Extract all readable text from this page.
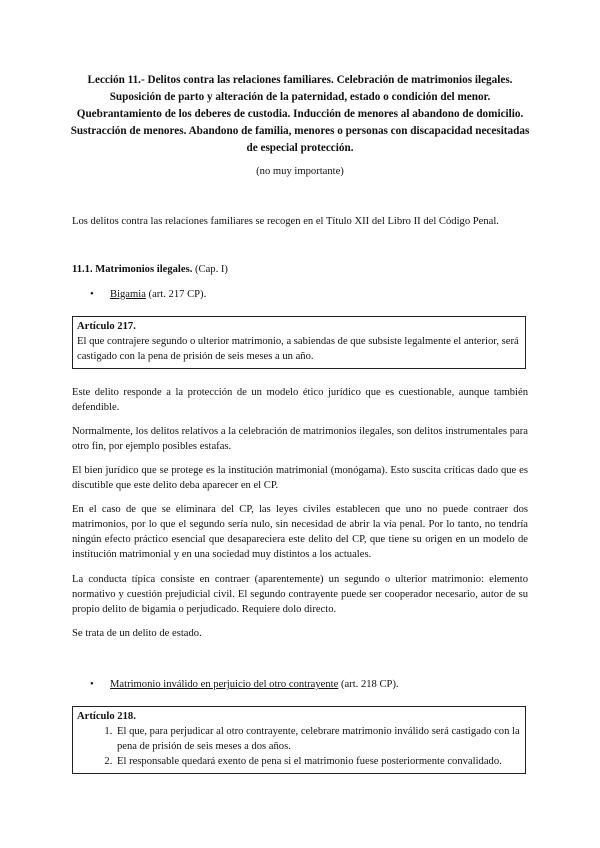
Lección 11.- Delitos contra las relaciones familiares. Celebración de matrimonios ilegales. Suposición de parto y alteración de la paternidad, estado o condición del menor. Quebrantamiento de los deberes de custodia. Inducción de menores al abandono de domicilio. Sustracción de menores. Abandono de familia, menores o personas con discapacidad necesitadas de especial protección.
(no muy importante)
Los delitos contra las relaciones familiares se recogen en el Título XII del Libro II del Código Penal.
11.1. Matrimonios ilegales. (Cap. I)
• Bigamia (art. 217 CP).
Artículo 217.
El que contrajere segundo o ulterior matrimonio, a sabiendas de que subsiste legalmente el anterior, será castigado con la pena de prisión de seis meses a un año.
Este delito responde a la protección de un modelo ético jurídico que es cuestionable, aunque también defendible.
Normalmente, los delitos relativos a la celebración de matrimonios ilegales, son delitos instrumentales para otro fin, por ejemplo posibles estafas.
El bien jurídico que se protege es la institución matrimonial (monógama). Esto suscita críticas dado que es discutible que este delito deba aparecer en el CP.
En el caso de que se eliminara del CP, las leyes civiles establecen que uno no puede contraer dos matrimonios, por lo que el segundo sería nulo, sin necesidad de abrir la vía penal. Por lo tanto, no tendría ningún efecto práctico esencial que desapareciera este delito del CP, que tiene su origen en un modelo de institución matrimonial y en una sociedad muy distintos a los actuales.
La conducta típica consiste en contraer (aparentemente) un segundo o ulterior matrimonio: elemento normativo y cuestión prejudicial civil. El segundo contrayente puede ser cooperador necesario, autor de su propio delito de bigamia o perjudicado. Requiere dolo directo.
Se trata de un delito de estado.
• Matrimonio inválido en perjuicio del otro contrayente (art. 218 CP).
Artículo 218.
1. El que, para perjudicar al otro contrayente, celebrare matrimonio inválido será castigado con la pena de prisión de seis meses a dos años.
2. El responsable quedará exento de pena si el matrimonio fuese posteriormente convalidado.
